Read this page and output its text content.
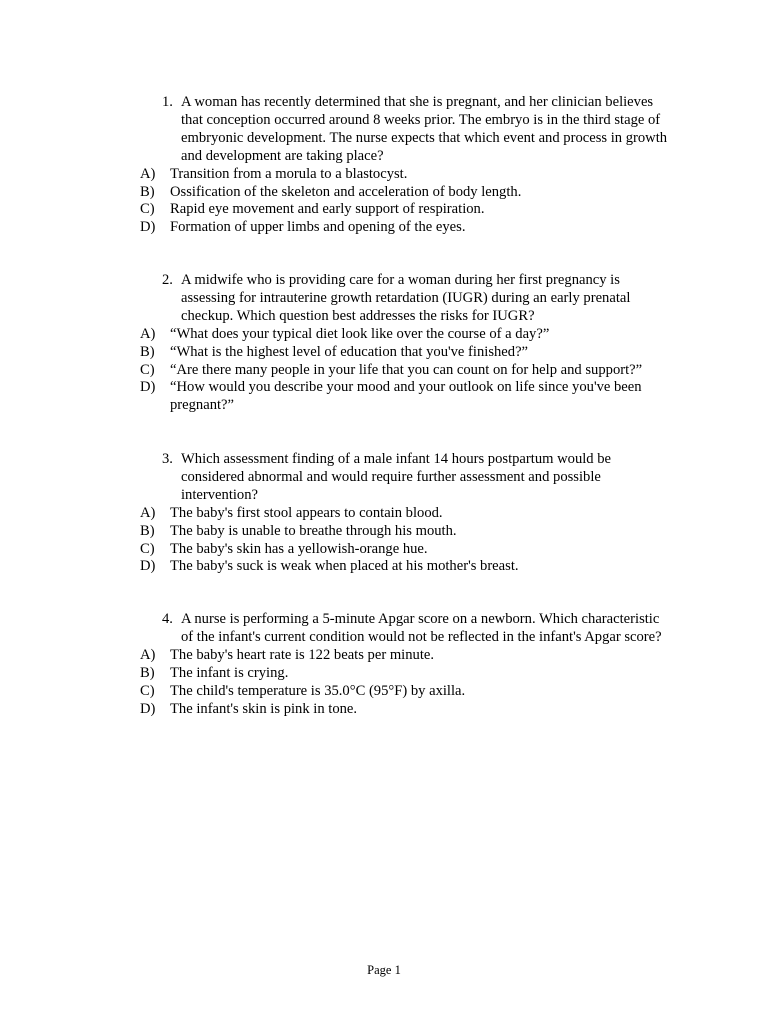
1. A woman has recently determined that she is pregnant, and her clinician believes that conception occurred around 8 weeks prior. The embryo is in the third stage of embryonic development. The nurse expects that which event and process in growth and development are taking place?
A) Transition from a morula to a blastocyst.
B) Ossification of the skeleton and acceleration of body length.
C) Rapid eye movement and early support of respiration.
D) Formation of upper limbs and opening of the eyes.
2. A midwife who is providing care for a woman during her first pregnancy is assessing for intrauterine growth retardation (IUGR) during an early prenatal checkup. Which question best addresses the risks for IUGR?
A) “What does your typical diet look like over the course of a day?”
B) “What is the highest level of education that you've finished?”
C) “Are there many people in your life that you can count on for help and support?”
D) “How would you describe your mood and your outlook on life since you've been pregnant?”
3. Which assessment finding of a male infant 14 hours postpartum would be considered abnormal and would require further assessment and possible intervention?
A) The baby's first stool appears to contain blood.
B) The baby is unable to breathe through his mouth.
C) The baby's skin has a yellowish-orange hue.
D) The baby's suck is weak when placed at his mother's breast.
4. A nurse is performing a 5-minute Apgar score on a newborn. Which characteristic of the infant's current condition would not be reflected in the infant's Apgar score?
A) The baby's heart rate is 122 beats per minute.
B) The infant is crying.
C) The child's temperature is 35.0°C (95°F) by axilla.
D) The infant's skin is pink in tone.
Page 1
